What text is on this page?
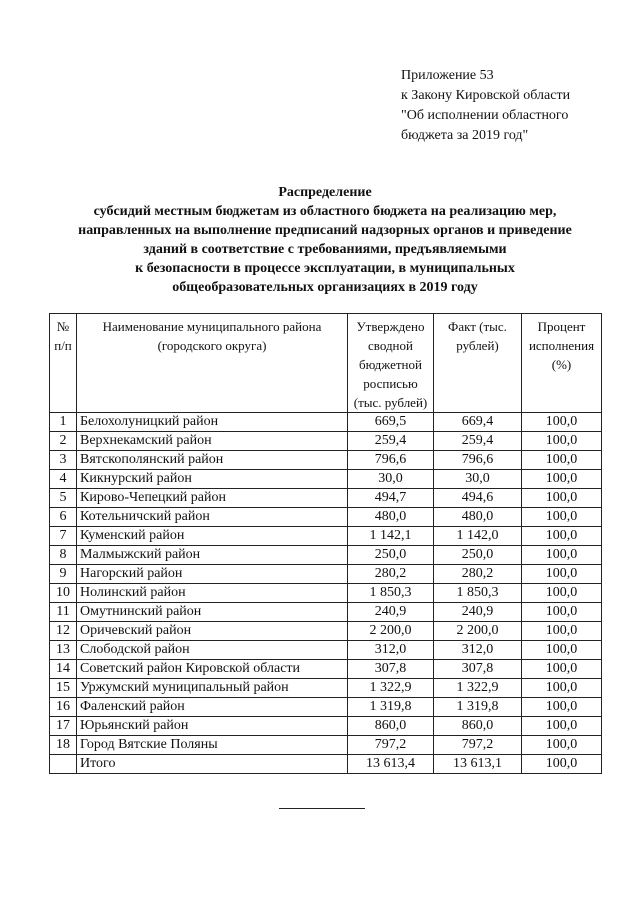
Приложение 53
к Закону Кировской области
"Об исполнении областного
бюджета за 2019 год"
Распределение
субсидий местным бюджетам из областного бюджета на реализацию мер,
направленных на выполнение предписаний надзорных органов и приведение
зданий в соответствие с требованиями, предъявляемыми
к безопасности в процессе эксплуатации, в муниципальных
общеобразовательных организациях в 2019 году
№ п/п	Наименование муниципального района (городского округа)	Утверждено сводной бюджетной росписью (тыс. рублей)	Факт (тыс. рублей)	Процент исполнения (%)
1	Белохолуницкий район	669,5	669,4	100,0
2	Верхнекамский район	259,4	259,4	100,0
3	Вятскополянский район	796,6	796,6	100,0
4	Кикнурский район	30,0	30,0	100,0
5	Кирово-Чепецкий район	494,7	494,6	100,0
6	Котельничский район	480,0	480,0	100,0
7	Куменский район	1 142,1	1 142,0	100,0
8	Малмыжский район	250,0	250,0	100,0
9	Нагорский район	280,2	280,2	100,0
10	Нолинский район	1 850,3	1 850,3	100,0
11	Омутнинский район	240,9	240,9	100,0
12	Оричевский район	2 200,0	2 200,0	100,0
13	Слободской район	312,0	312,0	100,0
14	Советский район Кировской области	307,8	307,8	100,0
15	Уржумский муниципальный район	1 322,9	1 322,9	100,0
16	Фаленский район	1 319,8	1 319,8	100,0
17	Юрьянский район	860,0	860,0	100,0
18	Город Вятские Поляны	797,2	797,2	100,0
	Итого	13 613,4	13 613,1	100,0
